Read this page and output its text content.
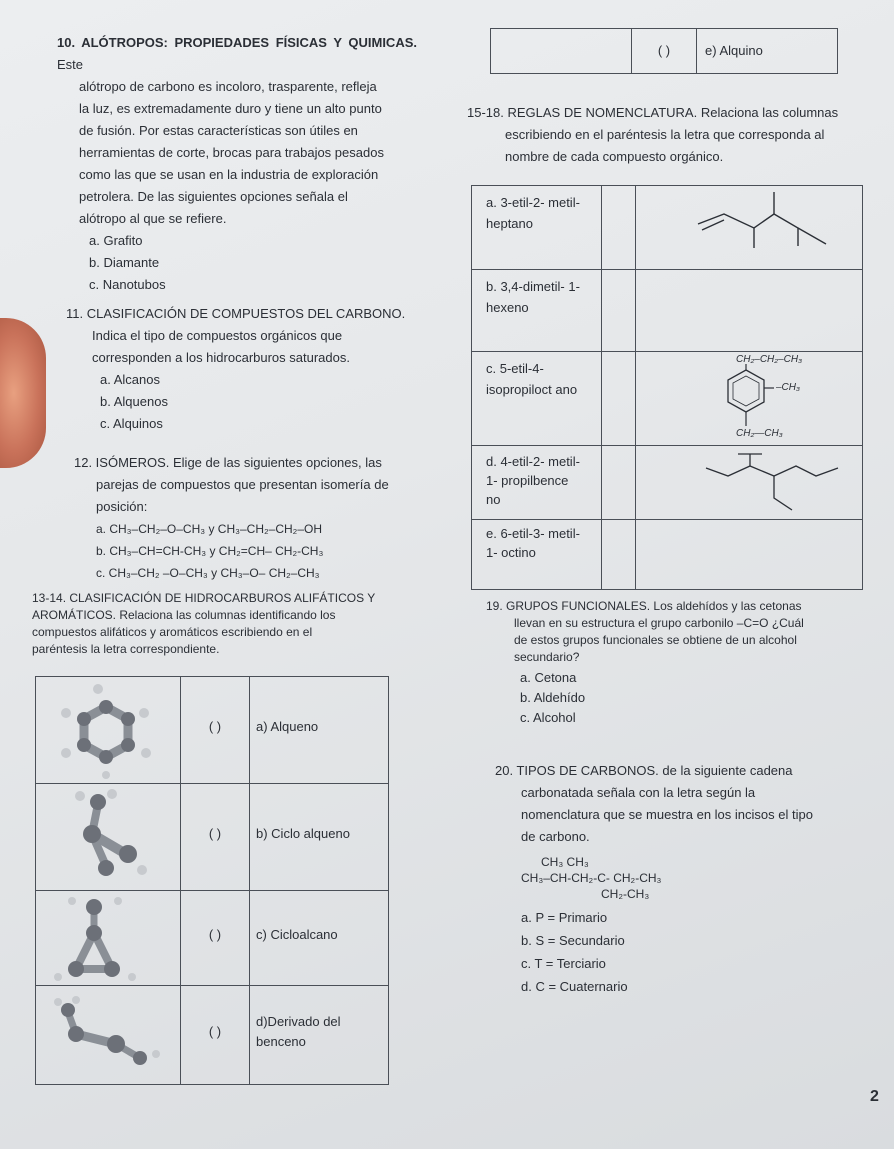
10. ALÓTROPOS: PROPIEDADES FÍSICAS Y QUIMICAS. Este
alótropo de carbono es incoloro, trasparente, refleja
la luz, es extremadamente duro y tiene un alto punto
de fusión. Por estas características son útiles en
herramientas de corte, brocas para trabajos pesados
como las que se usan en la industria de exploración
petrolera. De las siguientes opciones señala el
alótropo al que se refiere.
a. Grafito
b. Diamante
c. Nanotubos
11. CLASIFICACIÓN DE COMPUESTOS DEL CARBONO.
Indica el tipo de compuestos orgánicos que
corresponden a los hidrocarburos saturados.
a. Alcanos
b. Alquenos
c. Alquinos
12. ISÓMEROS. Elige de las siguientes opciones, las
parejas de compuestos que presentan isomería de
posición:
a. CH₃–CH₂–O–CH₃ y CH₃–CH₂–CH₂–OH
b. CH₃–CH=CH-CH₃ y CH₂=CH– CH₂-CH₃
c. CH₃–CH₂ –O–CH₃ y CH₃–O– CH₂–CH₃
13-14. CLASIFICACIÓN DE HIDROCARBUROS ALIFÁTICOS Y
AROMÁTICOS. Relaciona las columnas identificando los
compuestos alifáticos y aromáticos escribiendo en el
paréntesis la letra correspondiente.

( )	a) Alqueno

( )	b) Ciclo alqueno

( )	c) Cicloalcano

( )	d)Derivado del benceno

( )	e) Alquino
15-18. REGLAS DE NOMENCLATURA. Relaciona las columnas
escribiendo en el paréntesis la letra que corresponda al
nombre de cada compuesto orgánico.
a. 3-etil-2- metil- heptano

b. 3,4-dimetil- 1-hexeno		

c. 5-etil-4- isopropiloct ano		CH₂–CH₂–CH₃
–CH₃
CH₂—CH₃

d. 4-etil-2- metil-1- propilbence no

e. 6-etil-3- metil-1- octino		

19. GRUPOS FUNCIONALES. Los aldehídos y las cetonas
llevan en su estructura el grupo carbonilo –C=O ¿Cuál
de estos grupos funcionales se obtiene de un alcohol
secundario?
a. Cetona
b. Aldehído
c. Alcohol
20. TIPOS DE CARBONOS. de la siguiente cadena
carbonatada señala con la letra según la
nomenclatura que se muestra en los incisos el tipo
de carbono.
CH₃ CH₃
CH₃–CH-CH₂-C- CH₂-CH₃
CH₂-CH₃
a. P = Primario
b. S = Secundario
c. T = Terciario
d. C = Cuaternario
2
